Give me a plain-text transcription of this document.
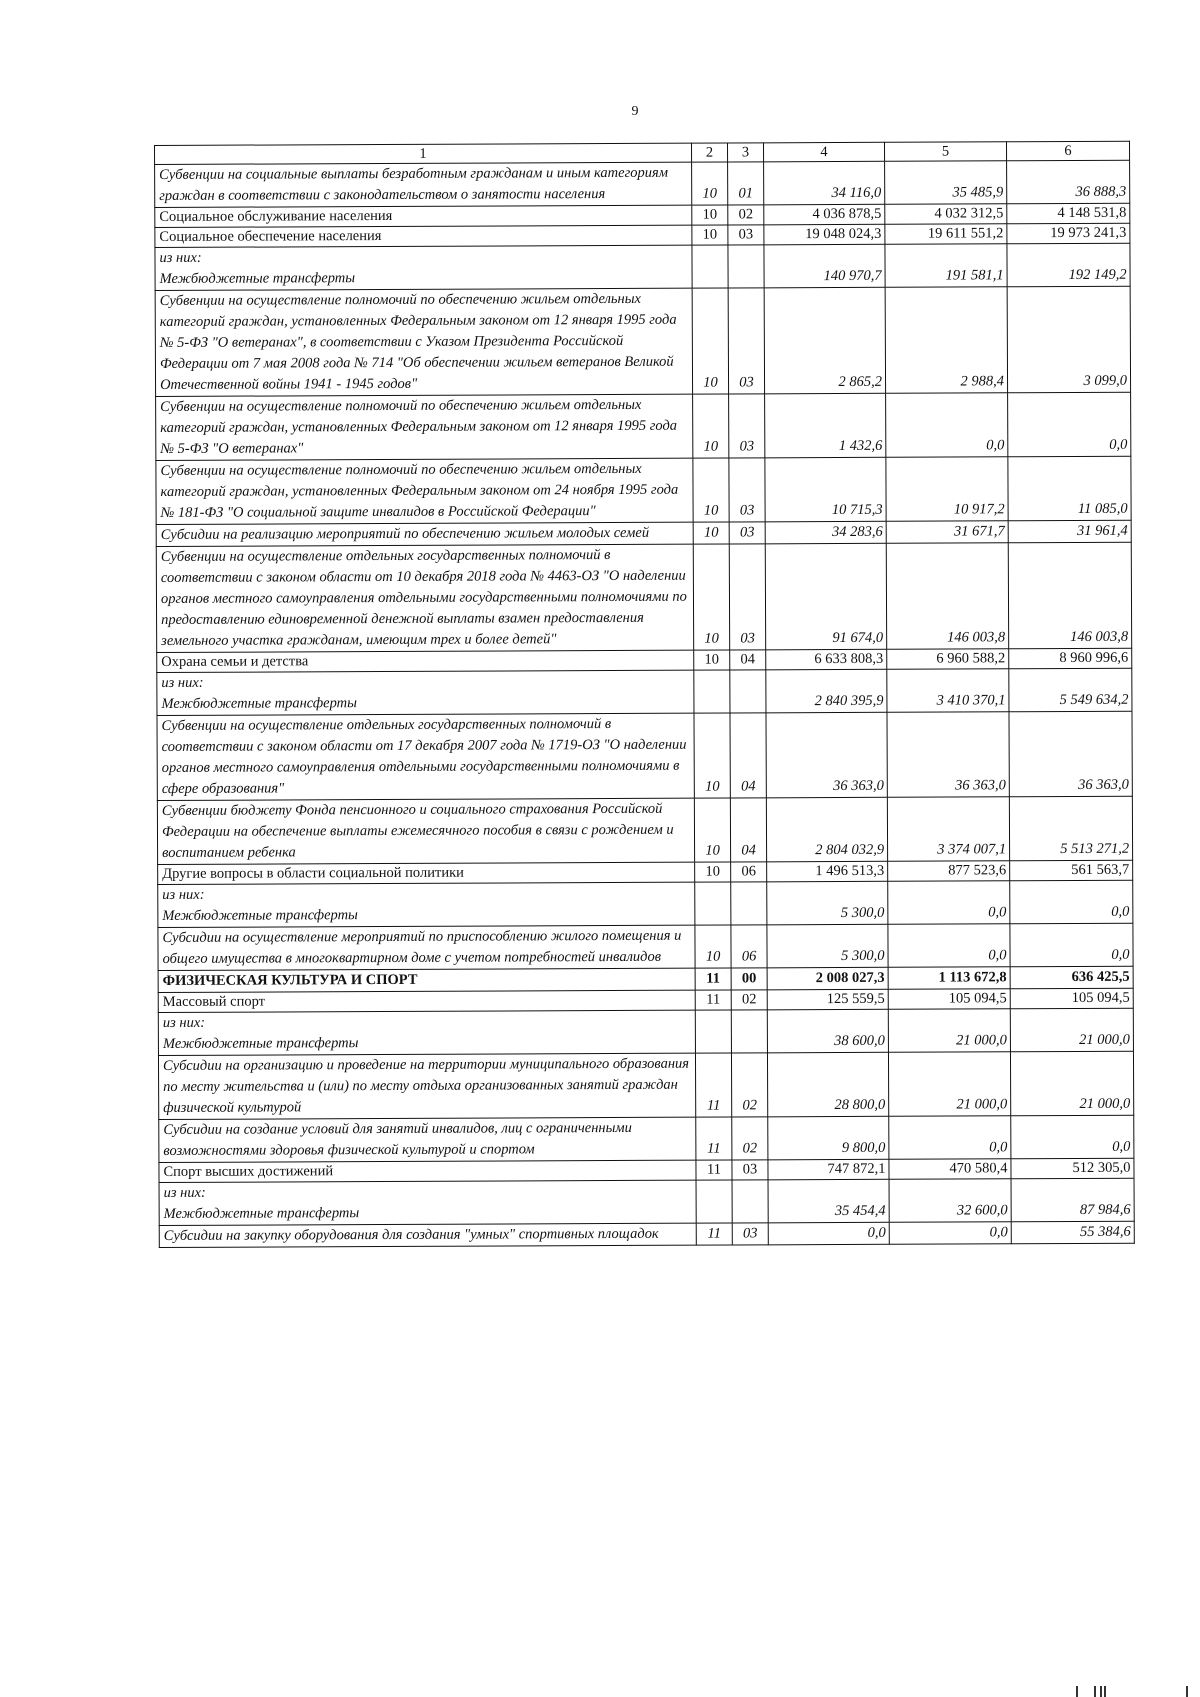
9
1	2	3	4	5	6
Субвенции на социальные выплаты безработным гражданам и иным категориям граждан в соответствии с законодательством о занятости населения	10	01	34 116,0	35 485,9	36 888,3
Социальное обслуживание населения	10	02	4 036 878,5	4 032 312,5	4 148 531,8
Социальное обеспечение населения	10	03	19 048 024,3	19 611 551,2	19 973 241,3
из них:
Межбюджетные трансферты			140 970,7	191 581,1	192 149,2
Субвенции на осуществление полномочий по обеспечению жильем отдельных категорий граждан, установленных Федеральным законом от 12 января 1995 года № 5-ФЗ "О ветеранах", в соответствии с Указом Президента Российской Федерации от 7 мая 2008 года № 714 "Об обеспечении жильем ветеранов Великой Отечественной войны 1941 - 1945 годов"	10	03	2 865,2	2 988,4	3 099,0
Субвенции на осуществление полномочий по обеспечению жильем отдельных категорий граждан, установленных Федеральным законом от 12 января 1995 года № 5-ФЗ "О ветеранах"	10	03	1 432,6	0,0	0,0
Субвенции на осуществление полномочий по обеспечению жильем отдельных категорий граждан, установленных Федеральным законом от 24 ноября 1995 года № 181-ФЗ "О социальной защите инвалидов в Российской Федерации"	10	03	10 715,3	10 917,2	11 085,0
Субсидии на реализацию мероприятий по обеспечению жильем молодых семей	10	03	34 283,6	31 671,7	31 961,4
Субвенции на осуществление отдельных государственных полномочий в соответствии с законом области от 10 декабря 2018 года № 4463-ОЗ "О наделении органов местного самоуправления отдельными государственными полномочиями по предоставлению единовременной денежной выплаты взамен предоставления земельного участка гражданам, имеющим трех и более детей"	10	03	91 674,0	146 003,8	146 003,8
Охрана семьи и детства	10	04	6 633 808,3	6 960 588,2	8 960 996,6
из них:
Межбюджетные трансферты			2 840 395,9	3 410 370,1	5 549 634,2
Субвенции на осуществление отдельных государственных полномочий в соответствии с законом области от 17 декабря 2007 года № 1719-ОЗ "О наделении органов местного самоуправления отдельными государственными полномочиями в сфере образования"	10	04	36 363,0	36 363,0	36 363,0
Субвенции бюджету Фонда пенсионного и социального страхования Российской Федерации на обеспечение выплаты ежемесячного пособия в связи с рождением и воспитанием ребенка	10	04	2 804 032,9	3 374 007,1	5 513 271,2
Другие вопросы в области социальной политики	10	06	1 496 513,3	877 523,6	561 563,7
из них:
Межбюджетные трансферты			5 300,0	0,0	0,0
Субсидии на осуществление мероприятий по приспособлению жилого помещения и общего имущества в многоквартирном доме с учетом потребностей инвалидов	10	06	5 300,0	0,0	0,0
ФИЗИЧЕСКАЯ КУЛЬТУРА И СПОРТ	11	00	2 008 027,3	1 113 672,8	636 425,5
Массовый спорт	11	02	125 559,5	105 094,5	105 094,5
из них:
Межбюджетные трансферты			38 600,0	21 000,0	21 000,0
Субсидии на организацию и проведение на территории муниципального образования по месту жительства и (или) по месту отдыха организованных занятий граждан физической культурой	11	02	28 800,0	21 000,0	21 000,0
Субсидии на создание условий для занятий инвалидов, лиц с ограниченными возможностями здоровья физической культурой и спортом	11	02	9 800,0	0,0	0,0
Спорт высших достижений	11	03	747 872,1	470 580,4	512 305,0
из них:
Межбюджетные трансферты			35 454,4	32 600,0	87 984,6
Субсидии на закупку оборудования для создания "умных" спортивных площадок	11	03	0,0	0,0	55 384,6
